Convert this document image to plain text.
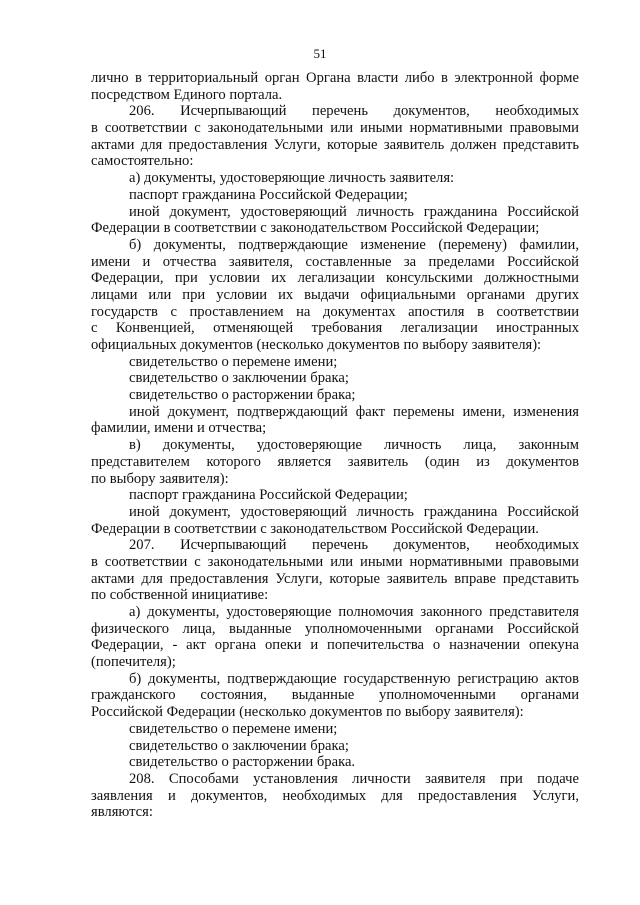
51
лично в территориальный орган Органа власти либо в электронной форме
посредством Единого портала.
206. Исчерпывающий перечень документов, необходимых
в соответствии с законодательными или иными нормативными правовыми
актами для предоставления Услуги, которые заявитель должен представить
самостоятельно:
а) документы, удостоверяющие личность заявителя:
паспорт гражданина Российской Федерации;
иной документ, удостоверяющий личность гражданина Российской
Федерации в соответствии с законодательством Российской Федерации;
б) документы, подтверждающие изменение (перемену) фамилии,
имени и отчества заявителя, составленные за пределами Российской
Федерации, при условии их легализации консульскими должностными
лицами или при условии их выдачи официальными органами других
государств с проставлением на документах апостиля в соответствии
с Конвенцией, отменяющей требования легализации иностранных
официальных документов (несколько документов по выбору заявителя):
свидетельство о перемене имени;
свидетельство о заключении брака;
свидетельство о расторжении брака;
иной документ, подтверждающий факт перемены имени, изменения
фамилии, имени и отчества;
в) документы, удостоверяющие личность лица, законным
представителем которого является заявитель (один из документов
по выбору заявителя):
паспорт гражданина Российской Федерации;
иной документ, удостоверяющий личность гражданина Российской
Федерации в соответствии с законодательством Российской Федерации.
207. Исчерпывающий перечень документов, необходимых
в соответствии с законодательными или иными нормативными правовыми
актами для предоставления Услуги, которые заявитель вправе представить
по собственной инициативе:
а) документы, удостоверяющие полномочия законного представителя
физического лица, выданные уполномоченными органами Российской
Федерации, - акт органа опеки и попечительства о назначении опекуна
(попечителя);
б) документы, подтверждающие государственную регистрацию актов
гражданского состояния, выданные уполномоченными органами
Российской Федерации (несколько документов по выбору заявителя):
свидетельство о перемене имени;
свидетельство о заключении брака;
свидетельство о расторжении брака.
208. Способами установления личности заявителя при подаче
заявления и документов, необходимых для предоставления Услуги,
являются:
